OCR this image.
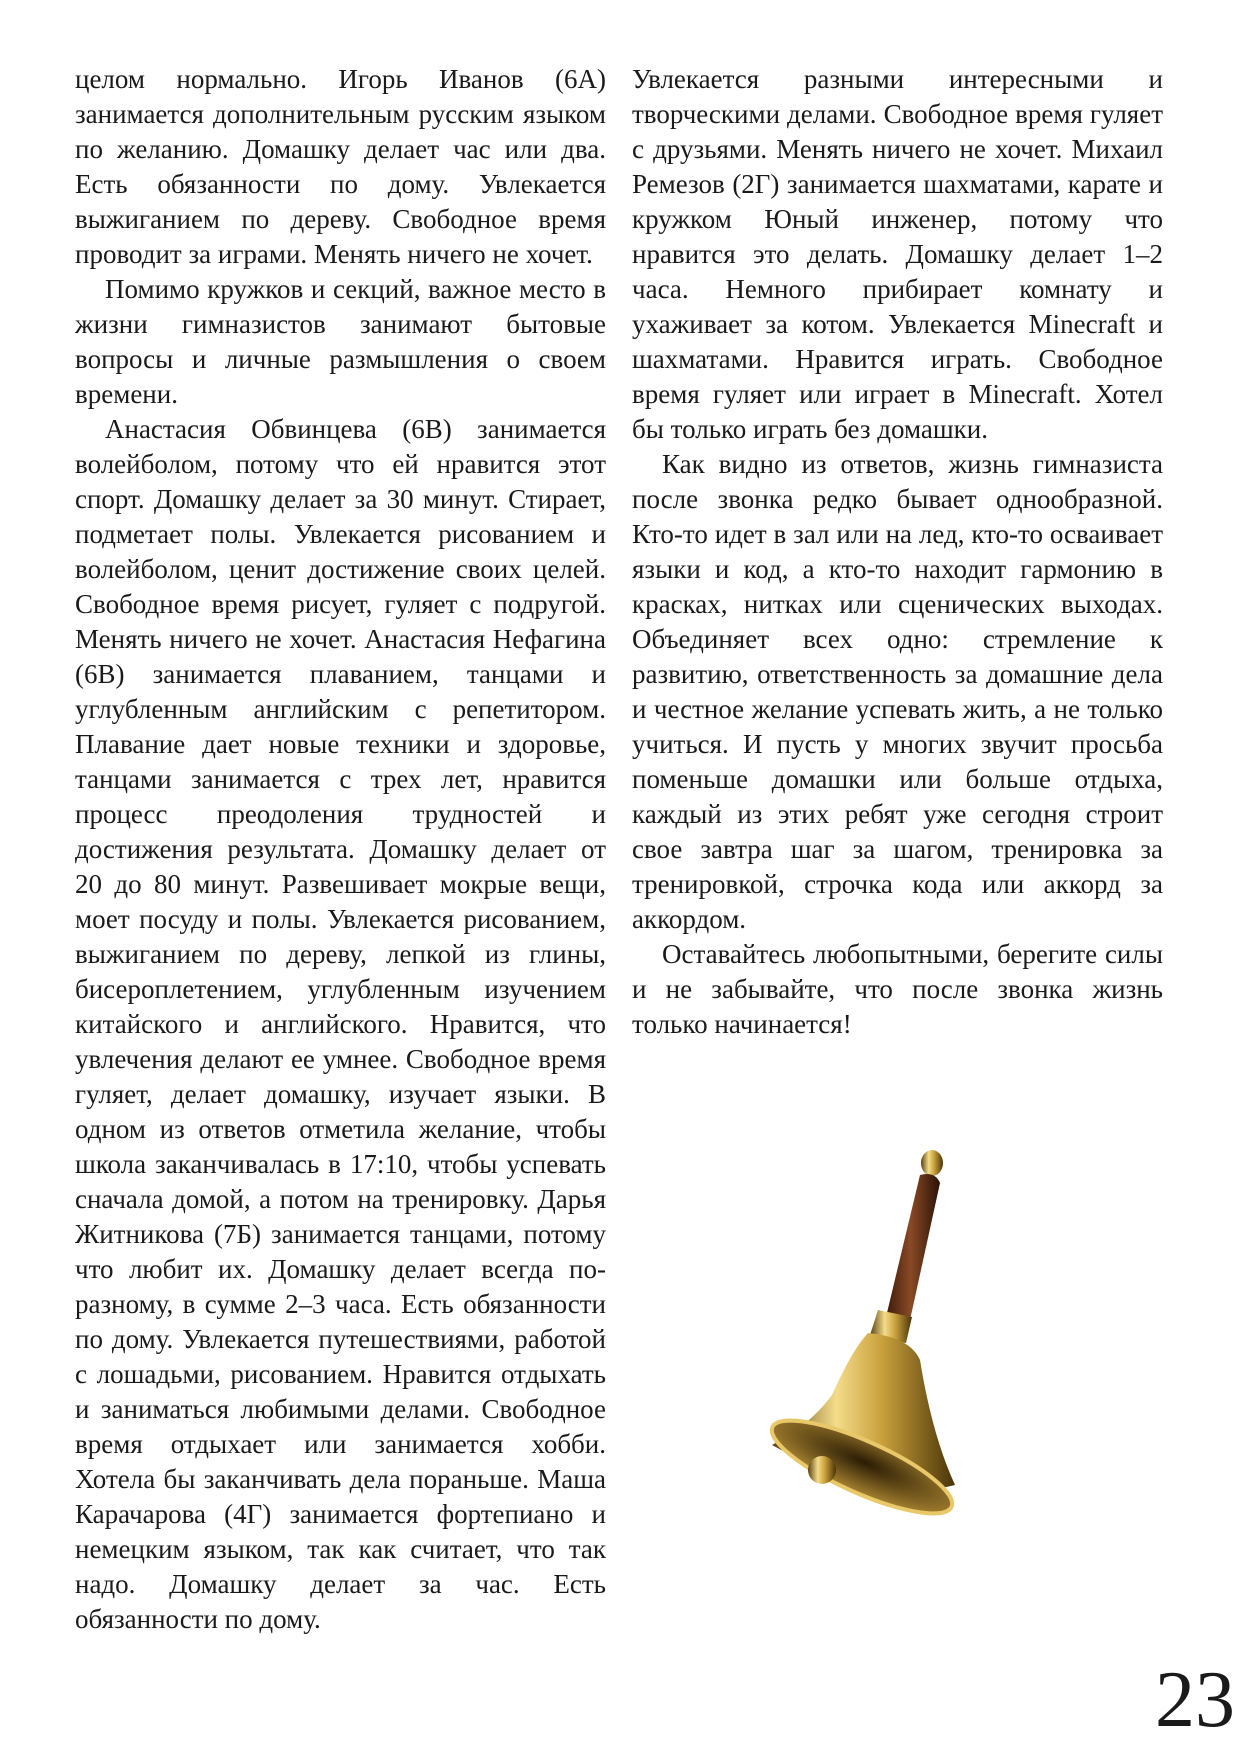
целом нормально. Игорь Иванов (6А) занимается дополнительным русским языком по желанию. Домашку делает час или два. Есть обязанности по дому. Увлекается выжиганием по дереву. Свободное время проводит за играми. Менять ничего не хочет.

Помимо кружков и секций, важное место в жизни гимназистов занимают бытовые вопросы и личные размышления о своем времени.

Анастасия Обвинцева (6В) занимается волейболом, потому что ей нравится этот спорт. Домашку делает за 30 минут. Стирает, подметает полы. Увлекается рисованием и волейболом, ценит достижение своих целей. Свободное время рисует, гуляет с подругой. Менять ничего не хочет. Анастасия Нефагина (6В) занимается плаванием, танцами и углубленным английским с репетитором. Плавание дает новые техники и здоровье, танцами занимается с трех лет, нравится процесс преодоления трудностей и достижения результата. Домашку делает от 20 до 80 минут. Развешивает мокрые вещи, моет посуду и полы. Увлекается рисованием, выжиганием по дереву, лепкой из глины, бисероплетением, углубленным изучением китайского и английского. Нравится, что увлечения делают ее умнее. Свободное время гуляет, делает домашку, изучает языки. В одном из ответов отметила желание, чтобы школа заканчивалась в 17:10, чтобы успевать сначала домой, а потом на тренировку. Дарья Житникова (7Б) занимается танцами, потому что любит их. Домашку делает всегда по-разному, в сумме 2–3 часа. Есть обязанности по дому. Увлекается путешествиями, работой с лошадьми, рисованием. Нравится отдыхать и заниматься любимыми делами. Свободное время отдыхает или занимается хобби. Хотела бы заканчивать дела пораньше. Маша Карачарова (4Г) занимается фортепиано и немецким языком, так как считает, что так надо. Домашку делает за час. Есть обязанности по дому.

Увлекается разными интересными и творческими делами. Свободное время гуляет с друзьями. Менять ничего не хочет. Михаил Ремезов (2Г) занимается шахматами, карате и кружком Юный инженер, потому что нравится это делать. Домашку делает 1–2 часа. Немного прибирает комнату и ухаживает за котом. Увлекается Minecraft и шахматами. Нравится играть. Свободное время гуляет или играет в Minecraft. Хотел бы только играть без домашки.

Как видно из ответов, жизнь гимназиста после звонка редко бывает однообразной. Кто-то идет в зал или на лед, кто-то осваивает языки и код, а кто-то находит гармонию в красках, нитках или сценических выходах. Объединяет всех одно: стремление к развитию, ответственность за домашние дела и честное желание успевать жить, а не только учиться. И пусть у многих звучит просьба поменьше домашки или больше отдыха, каждый из этих ребят уже сегодня строит свое завтра шаг за шагом, тренировка за тренировкой, строчка кода или аккорд за аккордом.

Оставайтесь любопытными, берегите силы и не забывайте, что после звонка жизнь только начинается!

23
